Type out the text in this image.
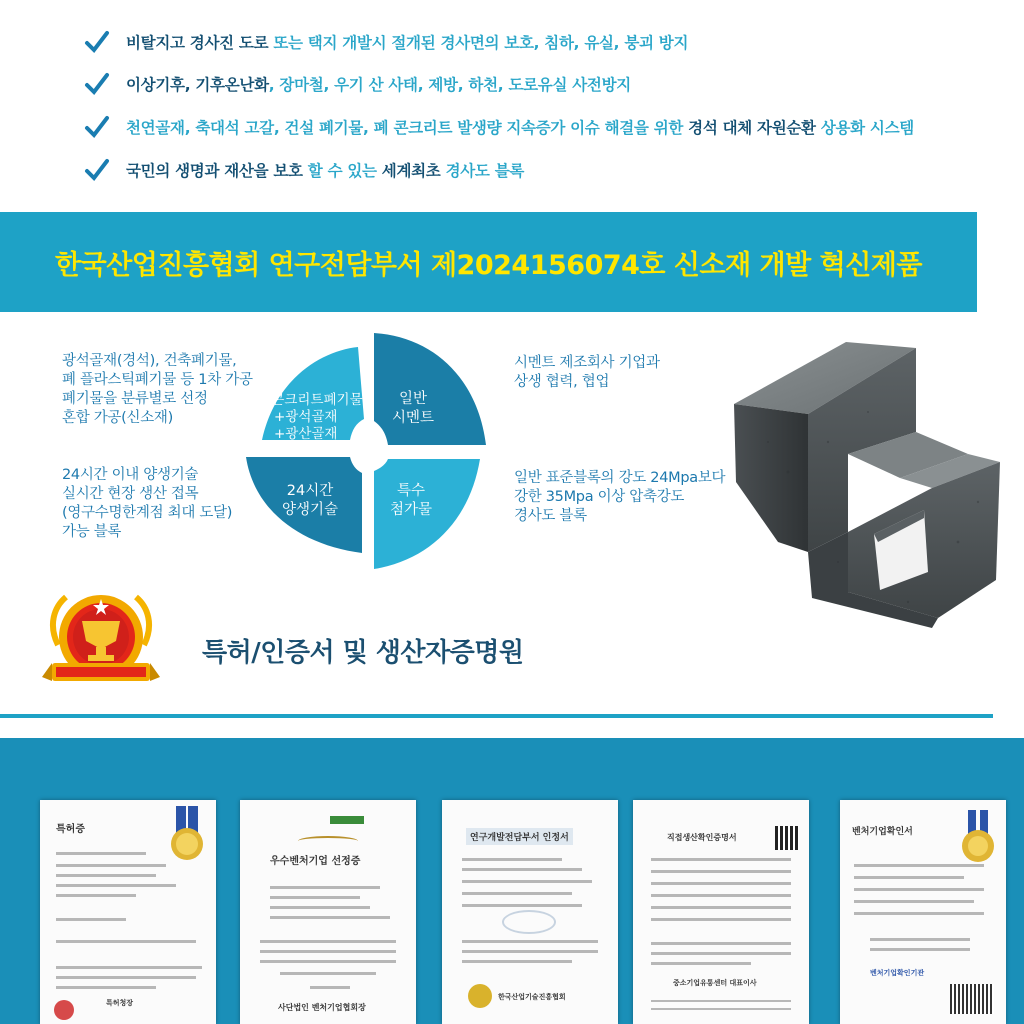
비탈지고 경사진 도로 또는 택지 개발시 절개된 경사면의 보호, 침하, 유실, 붕괴 방지
이상기후, 기후온난화, 장마철, 우기 산 사태, 제방, 하천, 도로유실 사전방지
천연골재, 축대석 고갈, 건설 폐기물, 폐 콘크리트 발생량 지속증가 이슈 해결을 위한 경석 대체 자원순환 상용화 시스템
국민의 생명과 재산을 보호 할 수 있는 세계최초 경사도 블록
한국산업진흥협회 연구전담부서 제2024156074호 신소재 개발 혁신제품
광석골재(경석), 건축폐기물,
폐 플라스틱폐기물 등 1차 가공
폐기물을 분류별로 선정
혼합 가공(신소재)
24시간 이내 양생기술
실시간 현장 생산 접목
(영구수명한계점 최대 도달)
가능 블록
시멘트 제조회사 기업과
상생 협력, 협업
일반 표준블록의 강도 24Mpa보다
강한 35Mpa 이상 압축강도
경사도 블록
콘크리트폐기물
+광석골재
+광산골재
일반
시멘트
특수
첨가물
24시간
양생기술
특허/인증서 및 생산자증명원
특허증
특허청장
우수벤처기업 선정증
사단법인 벤처기업협회장
연구개발전담부서 인정서
한국산업기술진흥협회
직접생산확인증명서
중소기업유통센터 대표이사
벤처기업확인서
벤처기업확인기관
